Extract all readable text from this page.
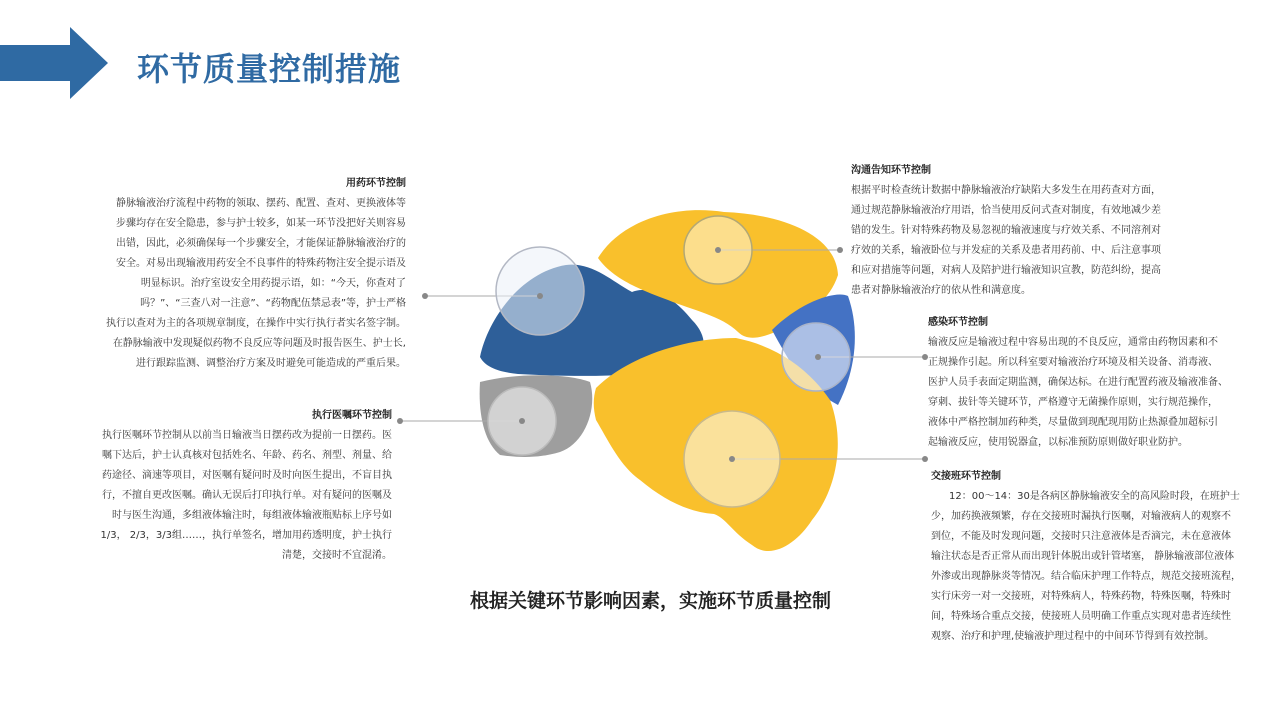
环节质量控制措施
用药环节控制
静脉输液治疗流程中药物的领取、摆药、配置、查对、更换液体等
步骤均存在安全隐患，参与护士较多，如某一环节没把好关则容易
出错，因此，必须确保每一个步骤安全，才能保证静脉输液治疗的
安全。对易出现输液用药安全不良事件的特殊药物注安全提示语及
明显标识。治疗室设安全用药提示语，如：“今天，你查对了
吗？”、“三查八对一注意”、“药物配伍禁忌表”等，护士严格
执行以查对为主的各项规章制度，在操作中实行执行者实名签字制。
在静脉输液中发现疑似药物不良反应等问题及时报告医生、护士长,
进行跟踪监测、调整治疗方案及时避免可能造成的严重后果。
执行医嘱环节控制
执行医嘱环节控制从以前当日输液当日摆药改为提前一日摆药。医
嘱下达后，护士认真核对包括姓名、年龄、药名、剂型、剂量、给
药途径、滴速等项目，对医嘱有疑问时及时向医生提出，不盲目执
行，不擅自更改医嘱。确认无误后打印执行单。对有疑问的医嘱及
时与医生沟通，多组液体输注时，每组液体输液瓶贴标上序号如
1/3， 2/3，3/3组……，执行单签名，增加用药透明度，护士执行
清楚，交接时不宜混淆。
沟通告知环节控制
根据平时检查统计数据中静脉输液治疗缺陷大多发生在用药查对方面，
通过规范静脉输液治疗用语，恰当使用反问式查对制度，有效地减少差
错的发生。针对特殊药物及易忽视的输液速度与疗效关系、不同溶剂对
疗效的关系，输液卧位与并发症的关系及患者用药前、中、后注意事项
和应对措施等问题，对病人及陪护进行输液知识宣教，防范纠纷，提高
患者对静脉输液治疗的依从性和满意度。
感染环节控制
输液反应是输液过程中容易出现的不良反应，通常由药物因素和不
正规操作引起。所以科室要对输液治疗环境及相关设备、消毒液、
医护人员手表面定期监测，确保达标。在进行配置药液及输液准备、
穿刺、拔针等关键环节，严格遵守无菌操作原则，实行规范操作，
液体中严格控制加药种类，尽量做到现配现用防止热源叠加超标引
起输液反应，使用锐器盒，以标准预防原则做好职业防护。
交接班环节控制
12：00～14：30是各病区静脉输液安全的高风险时段，在班护士
少，加药换液频繁，存在交接班时漏执行医嘱，对输液病人的观察不
到位，不能及时发现问题，交接时只注意液体是否滴完，未在意液体
输注状态是否正常从而出现针体脱出或针管堵塞， 静脉输液部位液体
外渗或出现静脉炎等情况。结合临床护理工作特点，规范交接班流程，
实行床旁一对一交接班，对特殊病人，特殊药物，特殊医嘱，特殊时
间，特殊场合重点交接，使接班人员明确工作重点实现对患者连续性
观察、治疗和护理,使输液护理过程中的中间环节得到有效控制。
根据关键环节影响因素，实施环节质量控制
